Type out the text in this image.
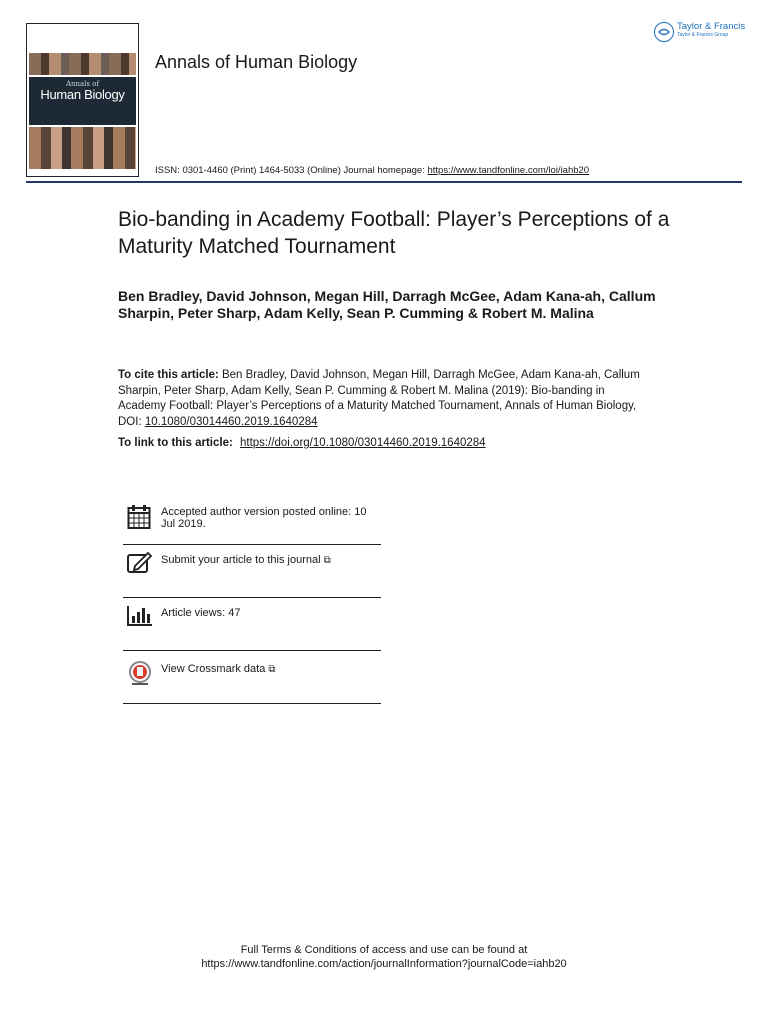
Annals of
Human Biology
Annals of Human Biology
Taylor & Francis
Taylor & Francis Group
ISSN: 0301-4460 (Print) 1464-5033 (Online) Journal homepage: https://www.tandfonline.com/loi/iahb20
Bio-banding in Academy Football: Player’s Perceptions of a Maturity Matched Tournament
Ben Bradley, David Johnson, Megan Hill, Darragh McGee, Adam Kana-ah, Callum Sharpin, Peter Sharp, Adam Kelly, Sean P. Cumming & Robert M. Malina
To cite this article: Ben Bradley, David Johnson, Megan Hill, Darragh McGee, Adam Kana-ah, Callum Sharpin, Peter Sharp, Adam Kelly, Sean P. Cumming & Robert M. Malina (2019): Bio-banding in Academy Football: Player’s Perceptions of a Maturity Matched Tournament, Annals of Human Biology, DOI: 10.1080/03014460.2019.1640284
To link to this article: https://doi.org/10.1080/03014460.2019.1640284
Accepted author version posted online: 10 Jul 2019.
Submit your article to this journal ⧉
Article views: 47
View Crossmark data ⧉
Full Terms & Conditions of access and use can be found at
https://www.tandfonline.com/action/journalInformation?journalCode=iahb20
